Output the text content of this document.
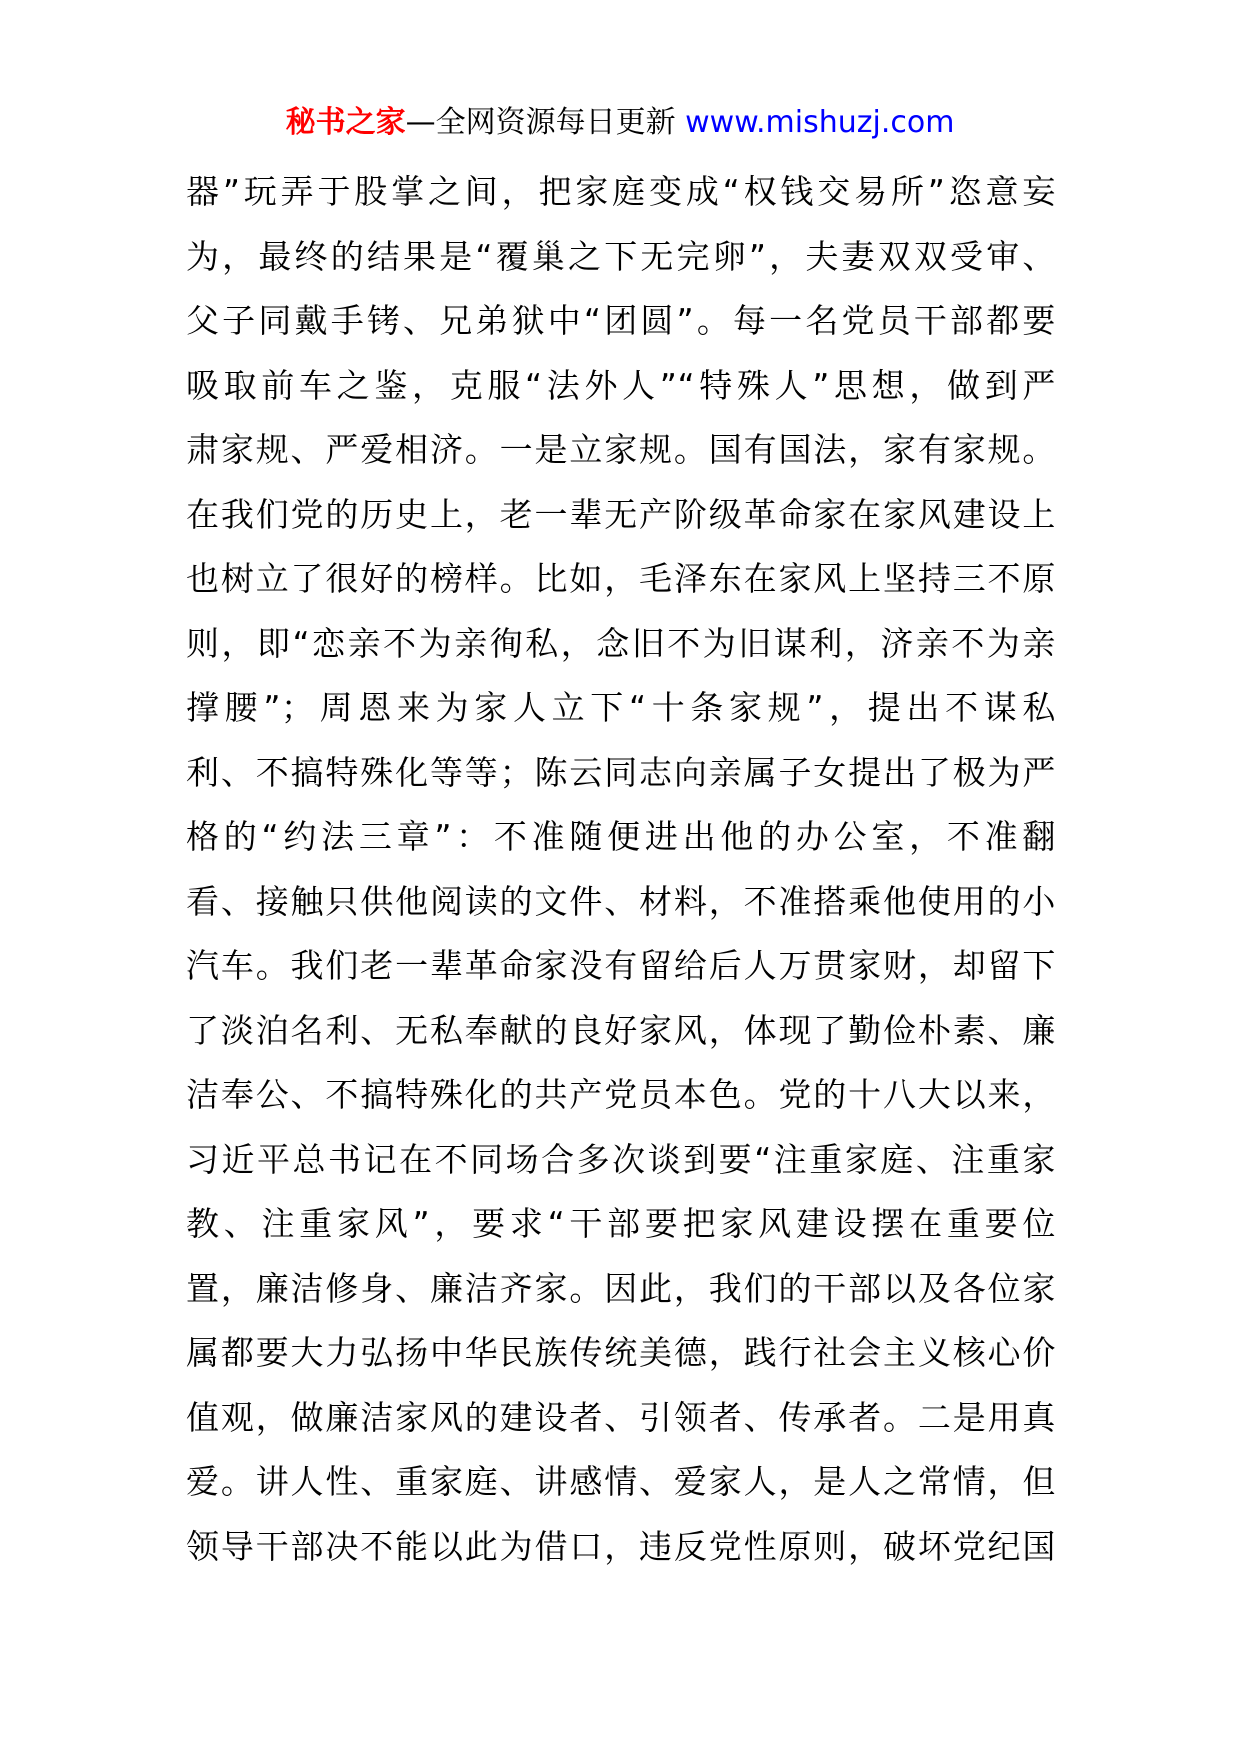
秘书之家—全网资源每日更新 www.mishuzj.com
器”玩弄于股掌之间，把家庭变成“权钱交易所”恣意妄
为，最终的结果是“覆巢之下无完卵”，夫妻双双受审、
父子同戴手铐、兄弟狱中“团圆”。每一名党员干部都要
吸取前车之鉴，克服“法外人”“特殊人”思想，做到严
肃家规、严爱相济。一是立家规。国有国法，家有家规。
在我们党的历史上，老一辈无产阶级革命家在家风建设上
也树立了很好的榜样。比如，毛泽东在家风上坚持三不原
则，即“恋亲不为亲徇私，念旧不为旧谋利，济亲不为亲
撑腰”；周恩来为家人立下“十条家规”，提出不谋私
利、不搞特殊化等等；陈云同志向亲属子女提出了极为严
格的“约法三章”：不准随便进出他的办公室，不准翻
看、接触只供他阅读的文件、材料，不准搭乘他使用的小
汽车。我们老一辈革命家没有留给后人万贯家财，却留下
了淡泊名利、无私奉献的良好家风，体现了勤俭朴素、廉
洁奉公、不搞特殊化的共产党员本色。党的十八大以来，
习近平总书记在不同场合多次谈到要“注重家庭、注重家
教、注重家风”，要求“干部要把家风建设摆在重要位
置，廉洁修身、廉洁齐家。因此，我们的干部以及各位家
属都要大力弘扬中华民族传统美德，践行社会主义核心价
值观，做廉洁家风的建设者、引领者、传承者。二是用真
爱。讲人性、重家庭、讲感情、爱家人，是人之常情，但
领导干部决不能以此为借口，违反党性原则，破坏党纪国
